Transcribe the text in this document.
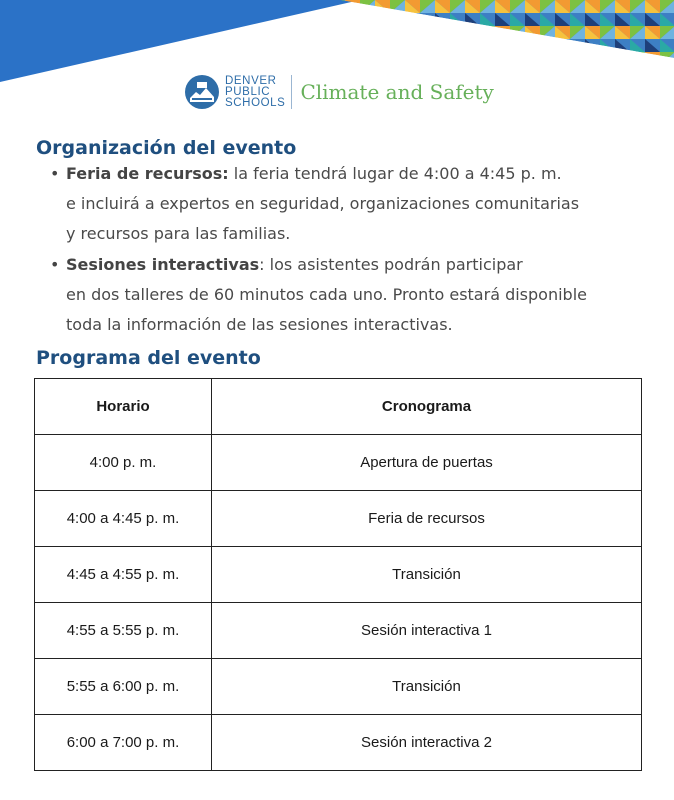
DENVER
PUBLIC
SCHOOLS Climate and Safety
Organización del evento
• Feria de recursos: la feria tendrá lugar de 4:00 a 4:45 p. m.
e incluirá a expertos en seguridad, organizaciones comunitarias
y recursos para las familias.
• Sesiones interactivas: los asistentes podrán participar
en dos talleres de 60 minutos cada uno. Pronto estará disponible
toda la información de las sesiones interactivas.
Programa del evento
Horario	Cronograma
4:00 p. m.	Apertura de puertas
4:00 a 4:45 p. m.	Feria de recursos
4:45 a 4:55 p. m.	Transición
4:55 a 5:55 p. m.	Sesión interactiva 1
5:55 a 6:00 p. m.	Transición
6:00 a 7:00 p. m.	Sesión interactiva 2
